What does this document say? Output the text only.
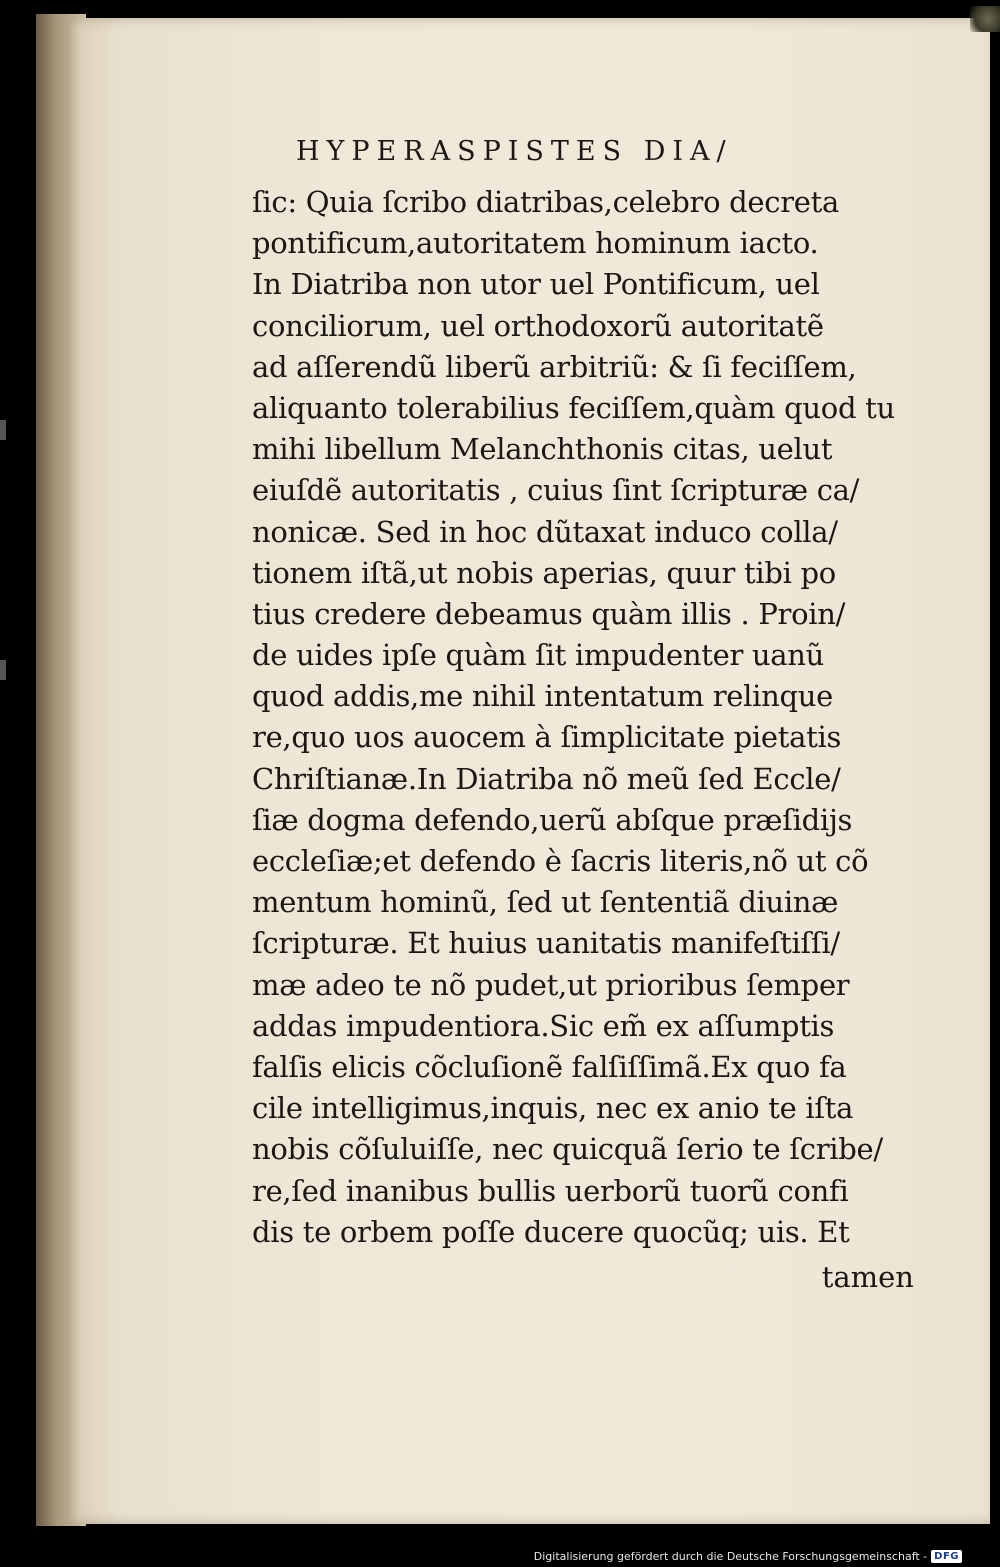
HYPERASPISTES DIA/
ſic: Quia ſcribo diatribas,celebro decreta
pontificum,autoritatem hominum iacto.
In Diatriba non utor uel Pontificum, uel
conciliorum, uel orthodoxorũ autoritatẽ
ad aſſerendũ liberũ arbitriũ: & ſi feciſſem,
aliquanto tolerabilius feciſſem,quàm quod tu
mihi libellum Melanchthonis citas, uelut
eiuſdẽ autoritatis , cuius ſint ſcripturæ ca/
nonicæ. Sed in hoc dũtaxat induco colla/
tionem iſtã,ut nobis aperias, quur tibi po
tius credere debeamus quàm illis . Proin/
de uides ipſe quàm ſit impudenter uanũ
quod addis,me nihil intentatum relinque
re,quo uos auocem à ſimplicitate pietatis
Chriſtianæ.In Diatriba nõ meũ ſed Eccle/
ſiæ dogma defendo,uerũ abſque præſidijs
eccleſiæ;et defendo è ſacris literis,nõ ut cõ
mentum hominũ, ſed ut ſententiã diuinæ
ſcripturæ. Et huius uanitatis manifeſtiſſi/
mæ adeo te nõ pudet,ut prioribus ſemper
addas impudentiora.Sic em̃ ex aſſumptis
falſis elicis cõcluſionẽ falſiſſimã.Ex quo fa
cile intelligimus,inquis, nec ex anio te iſta
nobis cõſuluiſſe, nec quicquã ſerio te ſcribe/
re,ſed inanibus bullis uerborũ tuorũ confi
dis te orbem poſſe ducere quocũq; uis. Et
tamen
Digitalisierung gefördert durch die Deutsche Forschungsgemeinschaft - DFG
